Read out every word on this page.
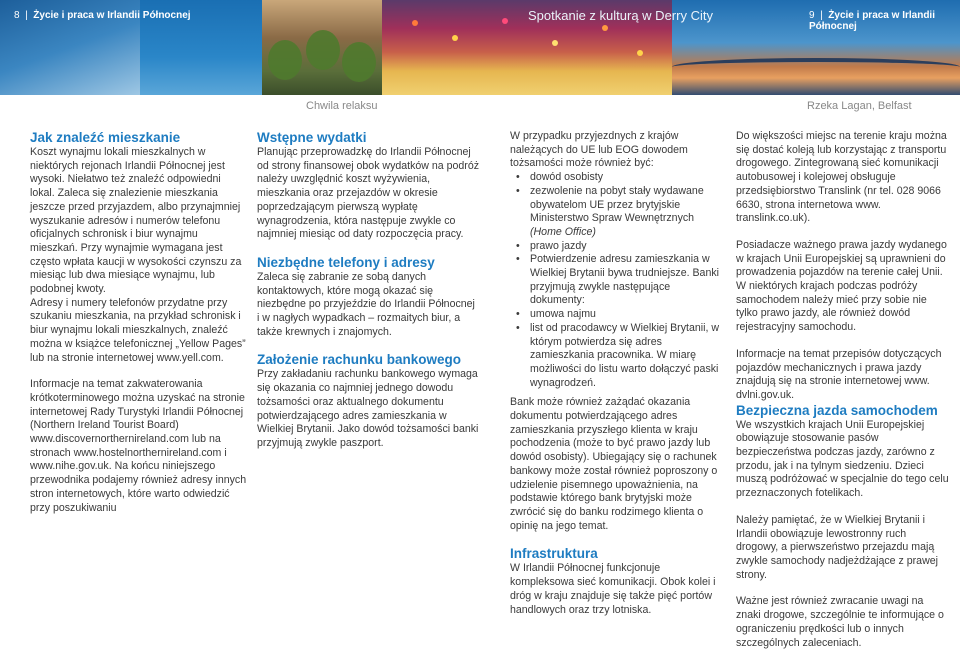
8  |  Życie i praca w Irlandii Północnej	Spotkanie z kulturą w Derry City	9  |  Życie i praca w Irlandii Północnej
Chwila relaksu	Rzeka Lagan, Belfast
Jak znaleźć mieszkanie

Koszt wynajmu lokali mieszkalnych w niektórych rejonach Irlandii Północnej jest wysoki. Niełatwo też znaleźć odpowiedni lokal. Zaleca się znalezienie mieszkania jeszcze przed przyjazdem, albo przynajmniej wyszukanie adresów i numerów telefonu oficjalnych schronisk i biur wynajmu mieszkań. Przy wynajmie wymagana jest często wpłata kaucji w wysokości czynszu za miesiąc lub dwa miesiące wynajmu, lub podobnej kwoty.

Adresy i numery telefonów przydatne przy szukaniu mieszkania, na przykład schronisk i biur wynajmu lokali mieszkalnych, znaleźć można w książce telefonicznej „Yellow Pages” lub na stronie internetowej www.yell.com.

Informacje na temat zakwaterowania krótkoterminowego można uzyskać na stronie internetowej Rady Turystyki Irlandii Północnej (Northern Ireland Tourist Board) www.discovernorthernireland.com lub na stronach www.hostelnorthernireland.com i www.nihe.gov.uk. Na końcu niniejszego przewodnika podajemy również adresy innych stron internetowych, które warto odwiedzić przy poszukiwaniu

Wstępne wydatki

Planując przeprowadzkę do Irlandii Północnej od strony finansowej obok wydatków na podróż należy uwzględnić koszt wyżywienia, mieszkania oraz przejazdów w okresie poprzedzającym pierwszą wypłatę wynagrodzenia, która następuje zwykle co najmniej miesiąc od daty rozpoczęcia pracy.

Niezbędne telefony i adresy

Zaleca się zabranie ze sobą danych kontaktowych, które mogą okazać się niezbędne po przyjeździe do Irlandii Północnej i w nagłych wypadkach – rozmaitych biur, a także krewnych i znajomych.

Założenie rachunku bankowego

Przy zakładaniu rachunku bankowego wymaga się okazania co najmniej jednego dowodu tożsamości oraz aktualnego dokumentu potwierdzającego adres zamieszkania w Wielkiej Brytanii. Jako dowód tożsamości banki przyjmują zwykle paszport.

W przypadku przyjezdnych z krajów należących do UE lub EOG dowodem tożsamości może również być:

• dowód osobisty
• zezwolenie na pobyt stały wydawane obywatelom UE przez brytyjskie Ministerstwo Spraw Wewnętrznych (Home Office)
• prawo jazdy
• Potwierdzenie adresu zamieszkania w Wielkiej Brytanii bywa trudniejsze. Banki przyjmują zwykle następujące dokumenty:
• umowa najmu
• list od pracodawcy w Wielkiej Brytanii, w którym potwierdza się adres zamieszkania pracownika. W miarę możliwości do listu warto dołączyć paski wynagrodzeń.

Bank może również zażądać okazania dokumentu potwierdzającego adres zamieszkania przyszłego klienta w kraju pochodzenia (może to być prawo jazdy lub dowód osobisty). Ubiegający się o rachunek bankowy może został również poproszony o udzielenie pisemnego upoważnienia, na podstawie którego bank brytyjski może zwrócić się do banku rodzimego klienta o opinię na jego temat.

Infrastruktura

W Irlandii Północnej funkcjonuje kompleksowa sieć komunikacji. Obok kolei i dróg w kraju znajduje się także pięć portów handlowych oraz trzy lotniska.

Do większości miejsc na terenie kraju można się dostać koleją lub korzystając z transportu drogowego. Zintegrowaną sieć komunikacji autobusowej i kolejowej obsługuje przedsiębiorstwo Translink (nr tel. 028 9066 6630, strona internetowa www. translink.co.uk).

Posiadacze ważnego prawa jazdy wydanego w krajach Unii Europejskiej są uprawnieni do prowadzenia pojazdów na terenie całej Unii. W niektórych krajach podczas podróży samochodem należy mieć przy sobie nie tylko prawo jazdy, ale również dowód rejestracyjny samochodu.

Informacje na temat przepisów dotyczących pojazdów mechanicznych i prawa jazdy znajdują się na stronie internetowej www. dvlni.gov.uk.

Bezpieczna jazda samochodem

We wszystkich krajach Unii Europejskiej obowiązuje stosowanie pasów bezpieczeństwa podczas jazdy, zarówno z przodu, jak i na tylnym siedzeniu. Dzieci muszą podróżować w specjalnie do tego celu przeznaczonych fotelikach.

Należy pamiętać, że w Wielkiej Brytanii i Irlandii obowiązuje lewostronny ruch drogowy, a pierwszeństwo przejazdu mają zwykle samochody nadjeżdżające z prawej strony.

Ważne jest również zwracanie uwagi na znaki drogowe, szczególnie te informujące o ograniczeniu prędkości lub o innych szczególnych zaleceniach.
